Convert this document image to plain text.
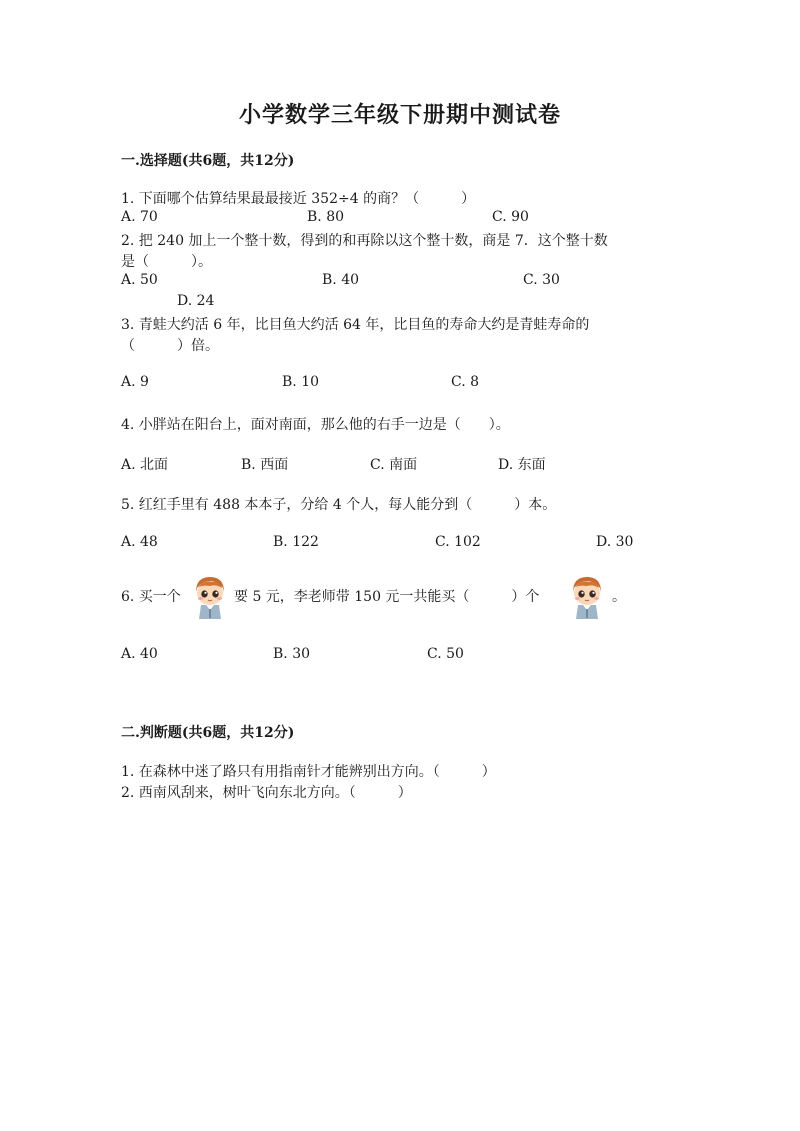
小学数学三年级下册期中测试卷
一.选择题(共6题，共12分)
1. 下面哪个估算结果最最接近 352÷4 的商？（　　　）
A. 70	B. 80	C. 90
2. 把 240 加上一个整十数，得到的和再除以这个整十数，商是 7．这个整十数
是（　　　）。
A. 50	B. 40	C. 30
D. 24
3. 青蛙大约活 6 年，比目鱼大约活 64 年，比目鱼的寿命大约是青蛙寿命的
（　　　）倍。
A. 9	B. 10	C. 8
4. 小胖站在阳台上，面对南面，那么他的右手一边是（　　）。
A. 北面	B. 西面	C. 南面	D. 东面
5. 红红手里有 488 本本子，分给 4 个人，每人能分到（　　　）本。
A. 48	B. 122	C. 102	D. 30
6. 买一个	要 5 元，李老师带 150 元一共能买（　　　）个	。
A. 40	B. 30	C. 50
二.判断题(共6题，共12分)
1. 在森林中迷了路只有用指南针才能辨别出方向。（　　　）
2. 西南风刮来，树叶飞向东北方向。（　　　）
